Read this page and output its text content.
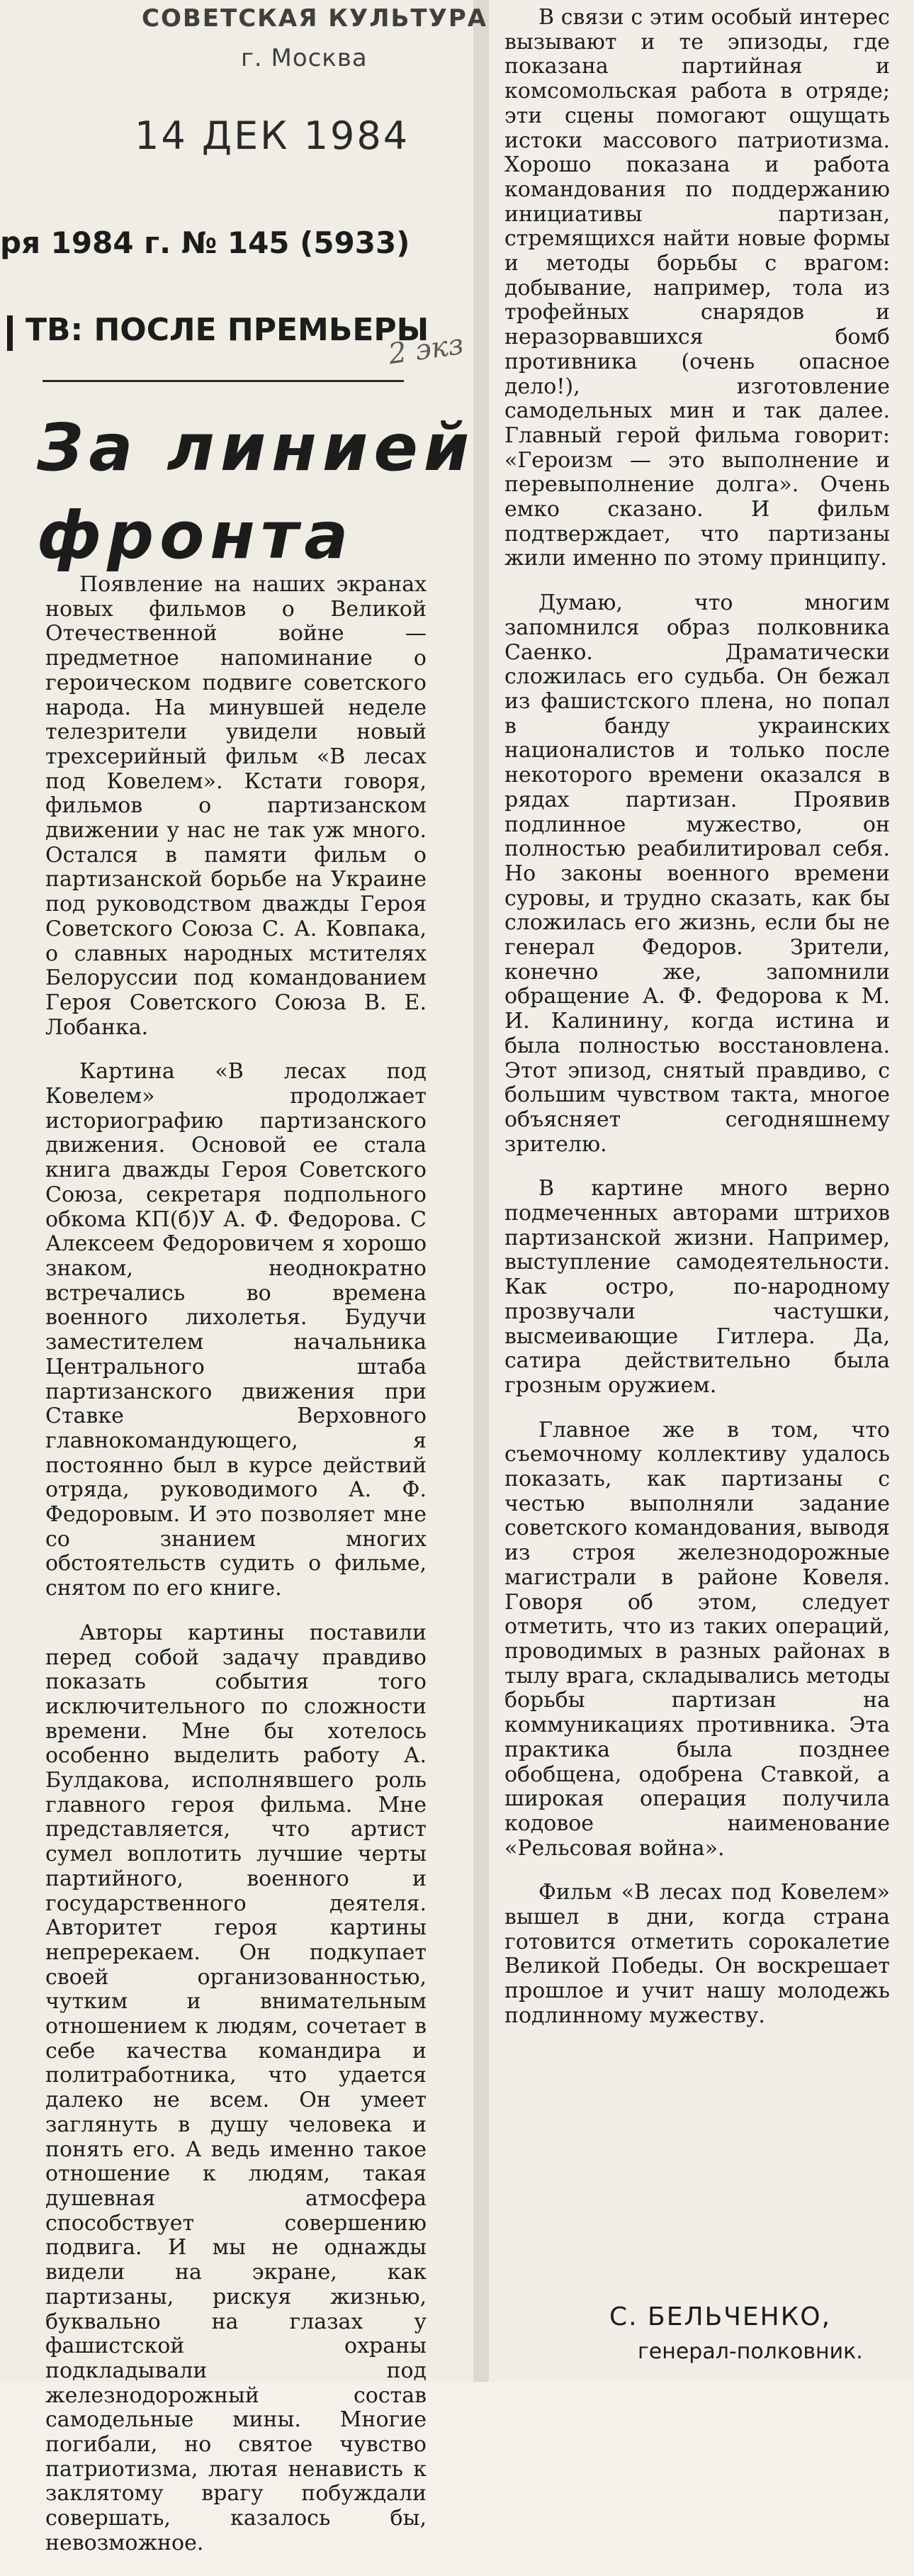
СОВЕТСКАЯ КУЛЬТУРА
г. Москва
14 ДЕК 1984
ря 1984 г. № 145 (5933)
ТВ: ПОСЛЕ ПРЕМЬЕРЫ
2 экз
За линией
фронта

Появление на наших экранах новых фильмов о Великой Отечественной войне — предметное напоминание о героическом подвиге советского народа. На минувшей неделе телезрители увидели новый трехсерийный фильм «В лесах под Ковелем». Кстати говоря, фильмов о партизанском движении у нас не так уж много. Остался в памяти фильм о партизанской борьбе на Украине под руководством дважды Героя Советского Союза С. А. Ковпака, о славных народных мстителях Белоруссии под командованием Героя Советского Союза В. Е. Лобанка.

Картина «В лесах под Ковелем» продолжает историографию партизанского движения. Основой ее стала книга дважды Героя Советского Союза, секретаря подпольного обкома КП(б)У А. Ф. Федорова. С Алексеем Федоровичем я хорошо знаком, неоднократно встречались во времена военного лихолетья. Будучи заместителем начальника Центрального штаба партизанского движения при Ставке Верховного главнокомандующего, я постоянно был в курсе действий отряда, руководимого А. Ф. Федоровым. И это позволяет мне со знанием многих обстоятельств судить о фильме, снятом по его книге.

Авторы картины поставили перед собой задачу правдиво показать события того исключительного по сложности времени. Мне бы хотелось особенно выделить работу А. Булдакова, исполнявшего роль главного героя фильма. Мне представляется, что артист сумел воплотить лучшие черты партийного, военного и государственного деятеля. Авторитет героя картины непререкаем. Он подкупает своей организованностью, чутким и внимательным отношением к людям, сочетает в себе качества командира и политработника, что удается далеко не всем. Он умеет заглянуть в душу человека и понять его. А ведь именно такое отношение к людям, такая душевная атмосфера способствует совершению подвига. И мы не однажды видели на экране, как партизаны, рискуя жизнью, буквально на глазах у фашистской охраны подкладывали под железнодорожный состав самодельные мины. Многие погибали, но святое чувство патриотизма, лютая ненависть к заклятому врагу побуждали совершать, казалось бы, невозможное.

В связи с этим особый интерес вызывают и те эпизоды, где показана партийная и комсомольская работа в отряде; эти сцены помогают ощущать истоки массового патриотизма. Хорошо показана и работа командования по поддержанию инициативы партизан, стремящихся найти новые формы и методы борьбы с врагом: добывание, например, тола из трофейных снарядов и неразорвавшихся бомб противника (очень опасное дело!), изготовление самодельных мин и так далее. Главный герой фильма говорит: «Героизм — это выполнение и перевыполнение долга». Очень емко сказано. И фильм подтверждает, что партизаны жили именно по этому принципу.

Думаю, что многим запомнился образ полковника Саенко. Драматически сложилась его судьба. Он бежал из фашистского плена, но попал в банду украинских националистов и только после некоторого времени оказался в рядах партизан. Проявив подлинное мужество, он полностью реабилитировал себя. Но законы военного времени суровы, и трудно сказать, как бы сложилась его жизнь, если бы не генерал Федоров. Зрители, конечно же, запомнили обращение А. Ф. Федорова к М. И. Калинину, когда истина и была полностью восстановлена. Этот эпизод, снятый правдиво, с большим чувством такта, многое объясняет сегодняшнему зрителю.

В картине много верно подмеченных авторами штрихов партизанской жизни. Например, выступление самодеятельности. Как остро, по-народному прозвучали частушки, высмеивающие Гитлера. Да, сатира действительно была грозным оружием.

Главное же в том, что съемочному коллективу удалось показать, как партизаны с честью выполняли задание советского командования, выводя из строя железнодорожные магистрали в районе Ковеля. Говоря об этом, следует отметить, что из таких операций, проводимых в разных районах в тылу врага, складывались методы борьбы партизан на коммуникациях противника. Эта практика была позднее обобщена, одобрена Ставкой, а широкая операция получила кодовое наименование «Рельсовая война».

Фильм «В лесах под Ковелем» вышел в дни, когда страна готовится отметить сорокалетие Великой Победы. Он воскрешает прошлое и учит нашу молодежь подлинному мужеству.

С. БЕЛЬЧЕНКО,
генерал-полковник.
